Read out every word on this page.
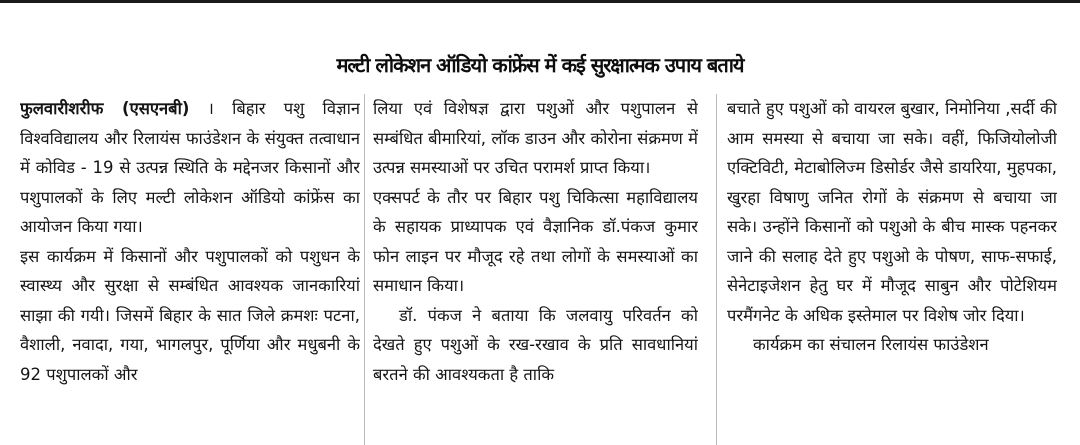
मल्टी लोकेशन ऑडियो कांफ्रेंस में कई सुरक्षात्मक उपाय बताये

फुलवारीशरीफ (एसएनबी) । बिहार पशु विज्ञान विश्वविद्यालय और रिलायंस फाउंडेशन के संयुक्त तत्वाधान में कोविड - 19 से उत्पन्न स्थिति के मद्देनजर किसानों और पशुपालकों के लिए मल्टी लोकेशन ऑडियो कांफ्रेंस का आयोजन किया गया।

इस कार्यक्रम में किसानों और पशुपालकों को पशुधन के स्वास्थ्य और सुरक्षा से सम्बंधित आवश्यक जानकारियां साझा की गयी। जिसमें बिहार के सात जिले क्रमशः पटना, वैशाली, नवादा, गया, भागलपुर, पूर्णिया और मधुबनी के 92 पशुपालकों और

लिया एवं विशेषज्ञ द्वारा पशुओं और पशुपालन से सम्बंधित बीमारियां, लॉक डाउन और कोरोना संक्रमण में उत्पन्न समस्याओं पर उचित परामर्श प्राप्त किया।

एक्सपर्ट के तौर पर बिहार पशु चिकित्सा महाविद्यालय के सहायक प्राध्यापक एवं वैज्ञानिक डॉ.पंकज कुमार फोन लाइन पर मौजूद रहे तथा लोगों के समस्याओं का समाधान किया।

डॉ. पंकज ने बताया कि जलवायु परिवर्तन को देखते हुए पशुओं के रख-रखाव के प्रति सावधानियां बरतने की आवश्यकता है ताकि

बचाते हुए पशुओं को वायरल बुखार, निमोनिया ,सर्दी की आम समस्या से बचाया जा सके। वहीं, फिजियोलोजी एक्टिविटी, मेटाबोलिज्म डिसोर्डर जैसे डायरिया, मुहपका, खुरहा विषाणु जनित रोगों के संक्रमण से बचाया जा सके। उन्होंने किसानों को पशुओ के बीच मास्क पहनकर जाने की सलाह देते हुए पशुओ के पोषण, साफ-सफाई, सेनेटाइजेशन हेतु घर में मौजूद साबुन और पोटेशियम परमैंगनेट के अधिक इस्तेमाल पर विशेष जोर दिया।

कार्यक्रम का संचालन रिलायंस फाउंडेशन
